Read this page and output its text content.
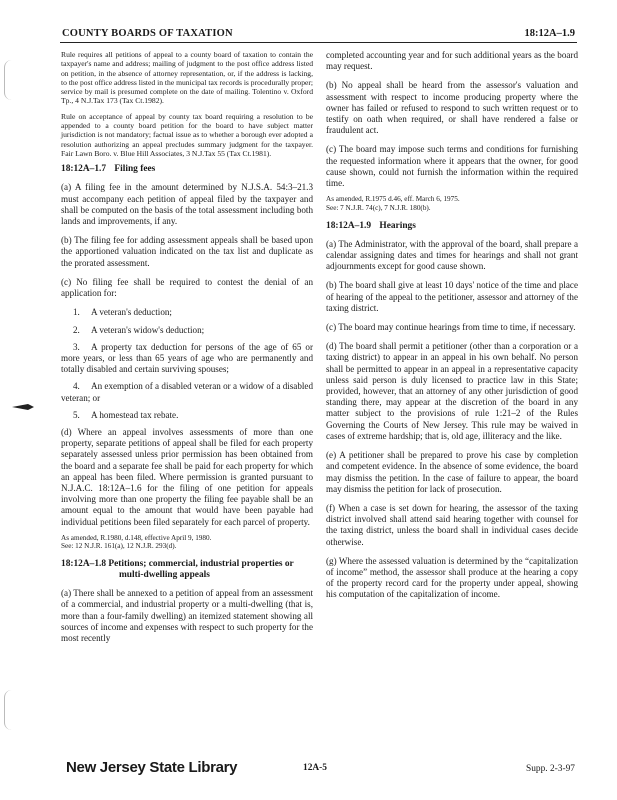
COUNTY BOARDS OF TAXATION	18:12A–1.9

Rule requires all petitions of appeal to a county board of taxation to contain the taxpayer's name and address; mailing of judgment to the post office address listed on petition, in the absence of attorney representation, or, if the address is lacking, to the post office address listed in the municipal tax records is procedurally proper; service by mail is presumed complete on the date of mailing. Tolentino v. Oxford Tp., 4 N.J.Tax 173 (Tax Ct.1982).

Rule on acceptance of appeal by county tax board requiring a resolution to be appended to a county board petition for the board to have subject matter jurisdiction is not mandatory; factual issue as to whether a borough ever adopted a resolution authorizing an appeal precludes summary judgment for the taxpayer. Fair Lawn Boro. v. Blue Hill Associates, 3 N.J.Tax 55 (Tax Ct.1981).

18:12A–1.7 Filing fees

(a) A filing fee in the amount determined by N.J.S.A. 54:3–21.3 must accompany each petition of appeal filed by the taxpayer and shall be computed on the basis of the total assessment including both lands and improvements, if any.

(b) The filing fee for adding assessment appeals shall be based upon the apportioned valuation indicated on the tax list and duplicate as the prorated assessment.

(c) No filing fee shall be required to contest the denial of an application for:

1. A veteran's deduction;
2. A veteran's widow's deduction;
3. A property tax deduction for persons of the age of 65 or more years, or less than 65 years of age who are permanently and totally disabled and certain surviving spouses;
4. An exemption of a disabled veteran or a widow of a disabled veteran; or
5. A homestead tax rebate.

(d) Where an appeal involves assessments of more than one property, separate petitions of appeal shall be filed for each property separately assessed unless prior permission has been obtained from the board and a separate fee shall be paid for each property for which an appeal has been filed. Where permission is granted pursuant to N.J.A.C. 18:12A–1.6 for the filing of one petition for appeals involving more than one property the filing fee payable shall be an amount equal to the amount that would have been payable had individual petitions been filed separately for each parcel of property.

As amended, R.1980, d.148, effective April 9, 1980.
See: 12 N.J.R. 161(a), 12 N.J.R. 293(d).

18:12A–1.8 Petitions; commercial, industrial properties or
multi-dwelling appeals

(a) There shall be annexed to a petition of appeal from an assessment of a commercial, and industrial property or a multi-dwelling (that is, more than a four-family dwelling) an itemized statement showing all sources of income and expenses with respect to such property for the most recently

completed accounting year and for such additional years as the board may request.

(b) No appeal shall be heard from the assessor's valuation and assessment with respect to income producing property where the owner has failed or refused to respond to such written request or to testify on oath when required, or shall have rendered a false or fraudulent act.

(c) The board may impose such terms and conditions for furnishing the requested information where it appears that the owner, for good cause shown, could not furnish the information within the required time.

As amended, R.1975 d.46, eff. March 6, 1975.
See: 7 N.J.R. 74(c), 7 N.J.R. 180(b).

18:12A–1.9 Hearings

(a) The Administrator, with the approval of the board, shall prepare a calendar assigning dates and times for hearings and shall not grant adjournments except for good cause shown.

(b) The board shall give at least 10 days' notice of the time and place of hearing of the appeal to the petitioner, assessor and attorney of the taxing district.

(c) The board may continue hearings from time to time, if necessary.

(d) The board shall permit a petitioner (other than a corporation or a taxing district) to appear in an appeal in his own behalf. No person shall be permitted to appear in an appeal in a representative capacity unless said person is duly licensed to practice law in this State; provided, however, that an attorney of any other jurisdiction of good standing there, may appear at the discretion of the board in any matter subject to the provisions of rule 1:21–2 of the Rules Governing the Courts of New Jersey. This rule may be waived in cases of extreme hardship; that is, old age, illiteracy and the like.

(e) A petitioner shall be prepared to prove his case by completion and competent evidence. In the absence of some evidence, the board may dismiss the petition. In the case of failure to appear, the board may dismiss the petition for lack of prosecution.

(f) When a case is set down for hearing, the assessor of the taxing district involved shall attend said hearing together with counsel for the taxing district, unless the board shall in individual cases decide otherwise.

(g) Where the assessed valuation is determined by the “capitalization of income” method, the assessor shall produce at the hearing a copy of the property record card for the property under appeal, showing his computation of the capitalization of income.

New Jersey State Library	12A-5	Supp. 2-3-97
